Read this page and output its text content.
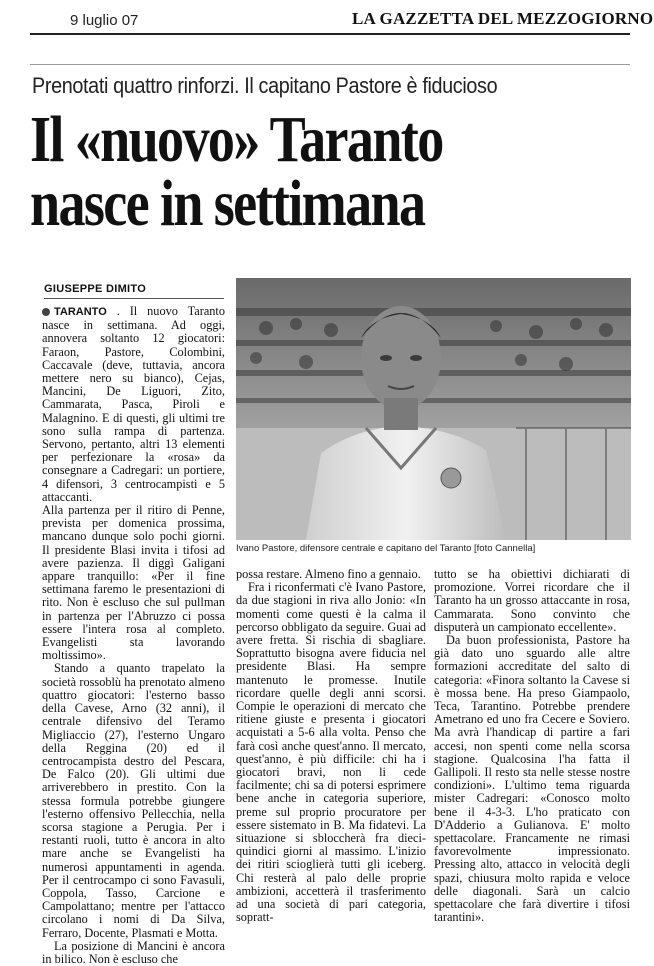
9 luglio 07	LA GAZZETTA DEL MEZZOGIORNO
Prenotati quattro rinforzi. Il capitano Pastore è fiducioso
Il «nuovo» Taranto
nasce in settimana
GIUSEPPE DIMITO

TARANTO . Il nuovo Taranto nasce in settimana. Ad oggi, annovera soltanto 12 giocatori: Faraon, Pastore, Colombini, Caccavale (deve, tuttavia, ancora mettere nero su bianco), Cejas, Mancini, De Liguori, Zito, Cammarata, Pasca, Piroli e Malagnino. E di questi, gli ultimi tre sono sulla rampa di partenza. Servono, pertanto, altri 13 elementi per perfezionare la «rosa» da consegnare a Cadregari: un portiere, 4 difensori, 3 centrocampisti e 5 attaccanti.

Alla partenza per il ritiro di Penne, prevista per domenica prossima, mancano dunque solo pochi giorni. Il presidente Blasi invita i tifosi ad avere pazienza. Il diggì Galigani appare tranquillo: «Per il fine settimana faremo le presentazioni di rito. Non è escluso che sul pullman in partenza per l'Abruzzo ci possa essere l'intera rosa al completo. Evangelisti sta lavorando moltissimo».

Stando a quanto trapelato la società rossoblù ha prenotato almeno quattro giocatori: l'esterno basso della Cavese, Arno (32 anni), il centrale difensivo del Teramo Migliaccio (27), l'esterno Ungaro della Reggina (20) ed il centrocampista destro del Pescara, De Falco (20). Gli ultimi due arriverebbero in prestito. Con la stessa formula potrebbe giungere l'esterno offensivo Pellecchia, nella scorsa stagione a Perugia. Per i restanti ruoli, tutto è ancora in alto mare anche se Evangelisti ha numerosi appuntamenti in agenda. Per il centrocampo ci sono Favasuli, Coppola, Tasso, Carcione e Campolattano; mentre per l'attacco circolano i nomi di Da Silva, Ferraro, Docente, Plasmati e Motta.

La posizione di Mancini è ancora in bilico. Non è escluso che

Ivano Pastore, difensore centrale e capitano del Taranto [foto Cannella]

possa restare. Almeno fino a gennaio.

Fra i riconfermati c'è Ivano Pastore, da due stagioni in riva allo Jonio: «In momenti come questi è la calma il percorso obbligato da seguire. Guai ad avere fretta. Si rischia di sbagliare. Soprattutto bisogna avere fiducia nel presidente Blasi. Ha sempre mantenuto le promesse. Inutile ricordare quelle degli anni scorsi. Compie le operazioni di mercato che ritiene giuste e presenta i giocatori acquistati a 5-6 alla volta. Penso che farà così anche quest'anno. Il mercato, quest'anno, è più difficile: chi ha i giocatori bravi, non li cede facilmente; chi sa di potersi esprimere bene anche in categoria superiore, preme sul proprio procuratore per essere sistemato in B. Ma fidatevi. La situazione si sbloccherà fra dieci-quindici giorni al massimo. L'inizio dei ritiri scioglierà tutti gli iceberg. Chi resterà al palo delle proprie ambizioni, accetterà il trasferimento ad una società di pari categoria, sopratt-

tutto se ha obiettivi dichiarati di promozione. Vorrei ricordare che il Taranto ha un grosso attaccante in rosa, Cammarata. Sono convinto che disputerà un campionato eccellente».

Da buon professionista, Pastore ha già dato uno sguardo alle altre formazioni accreditate del salto di categoria: «Finora soltanto la Cavese si è mossa bene. Ha preso Giampaolo, Teca, Tarantino. Potrebbe prendere Ametrano ed uno fra Cecere e Soviero. Ma avrà l'handicap di partire a fari accesi, non spenti come nella scorsa stagione. Qualcosina l'ha fatta il Gallipoli. Il resto sta nelle stesse nostre condizioni». L'ultimo tema riguarda mister Cadregari: «Conosco molto bene il 4-3-3. L'ho praticato con D'Adderio a Gulianova. E' molto spettacolare. Francamente ne rimasi favorevolmente impressionato. Pressing alto, attacco in velocità degli spazi, chiusura molto rapida e veloce delle diagonali. Sarà un calcio spettacolare che farà divertire i tifosi tarantini».
